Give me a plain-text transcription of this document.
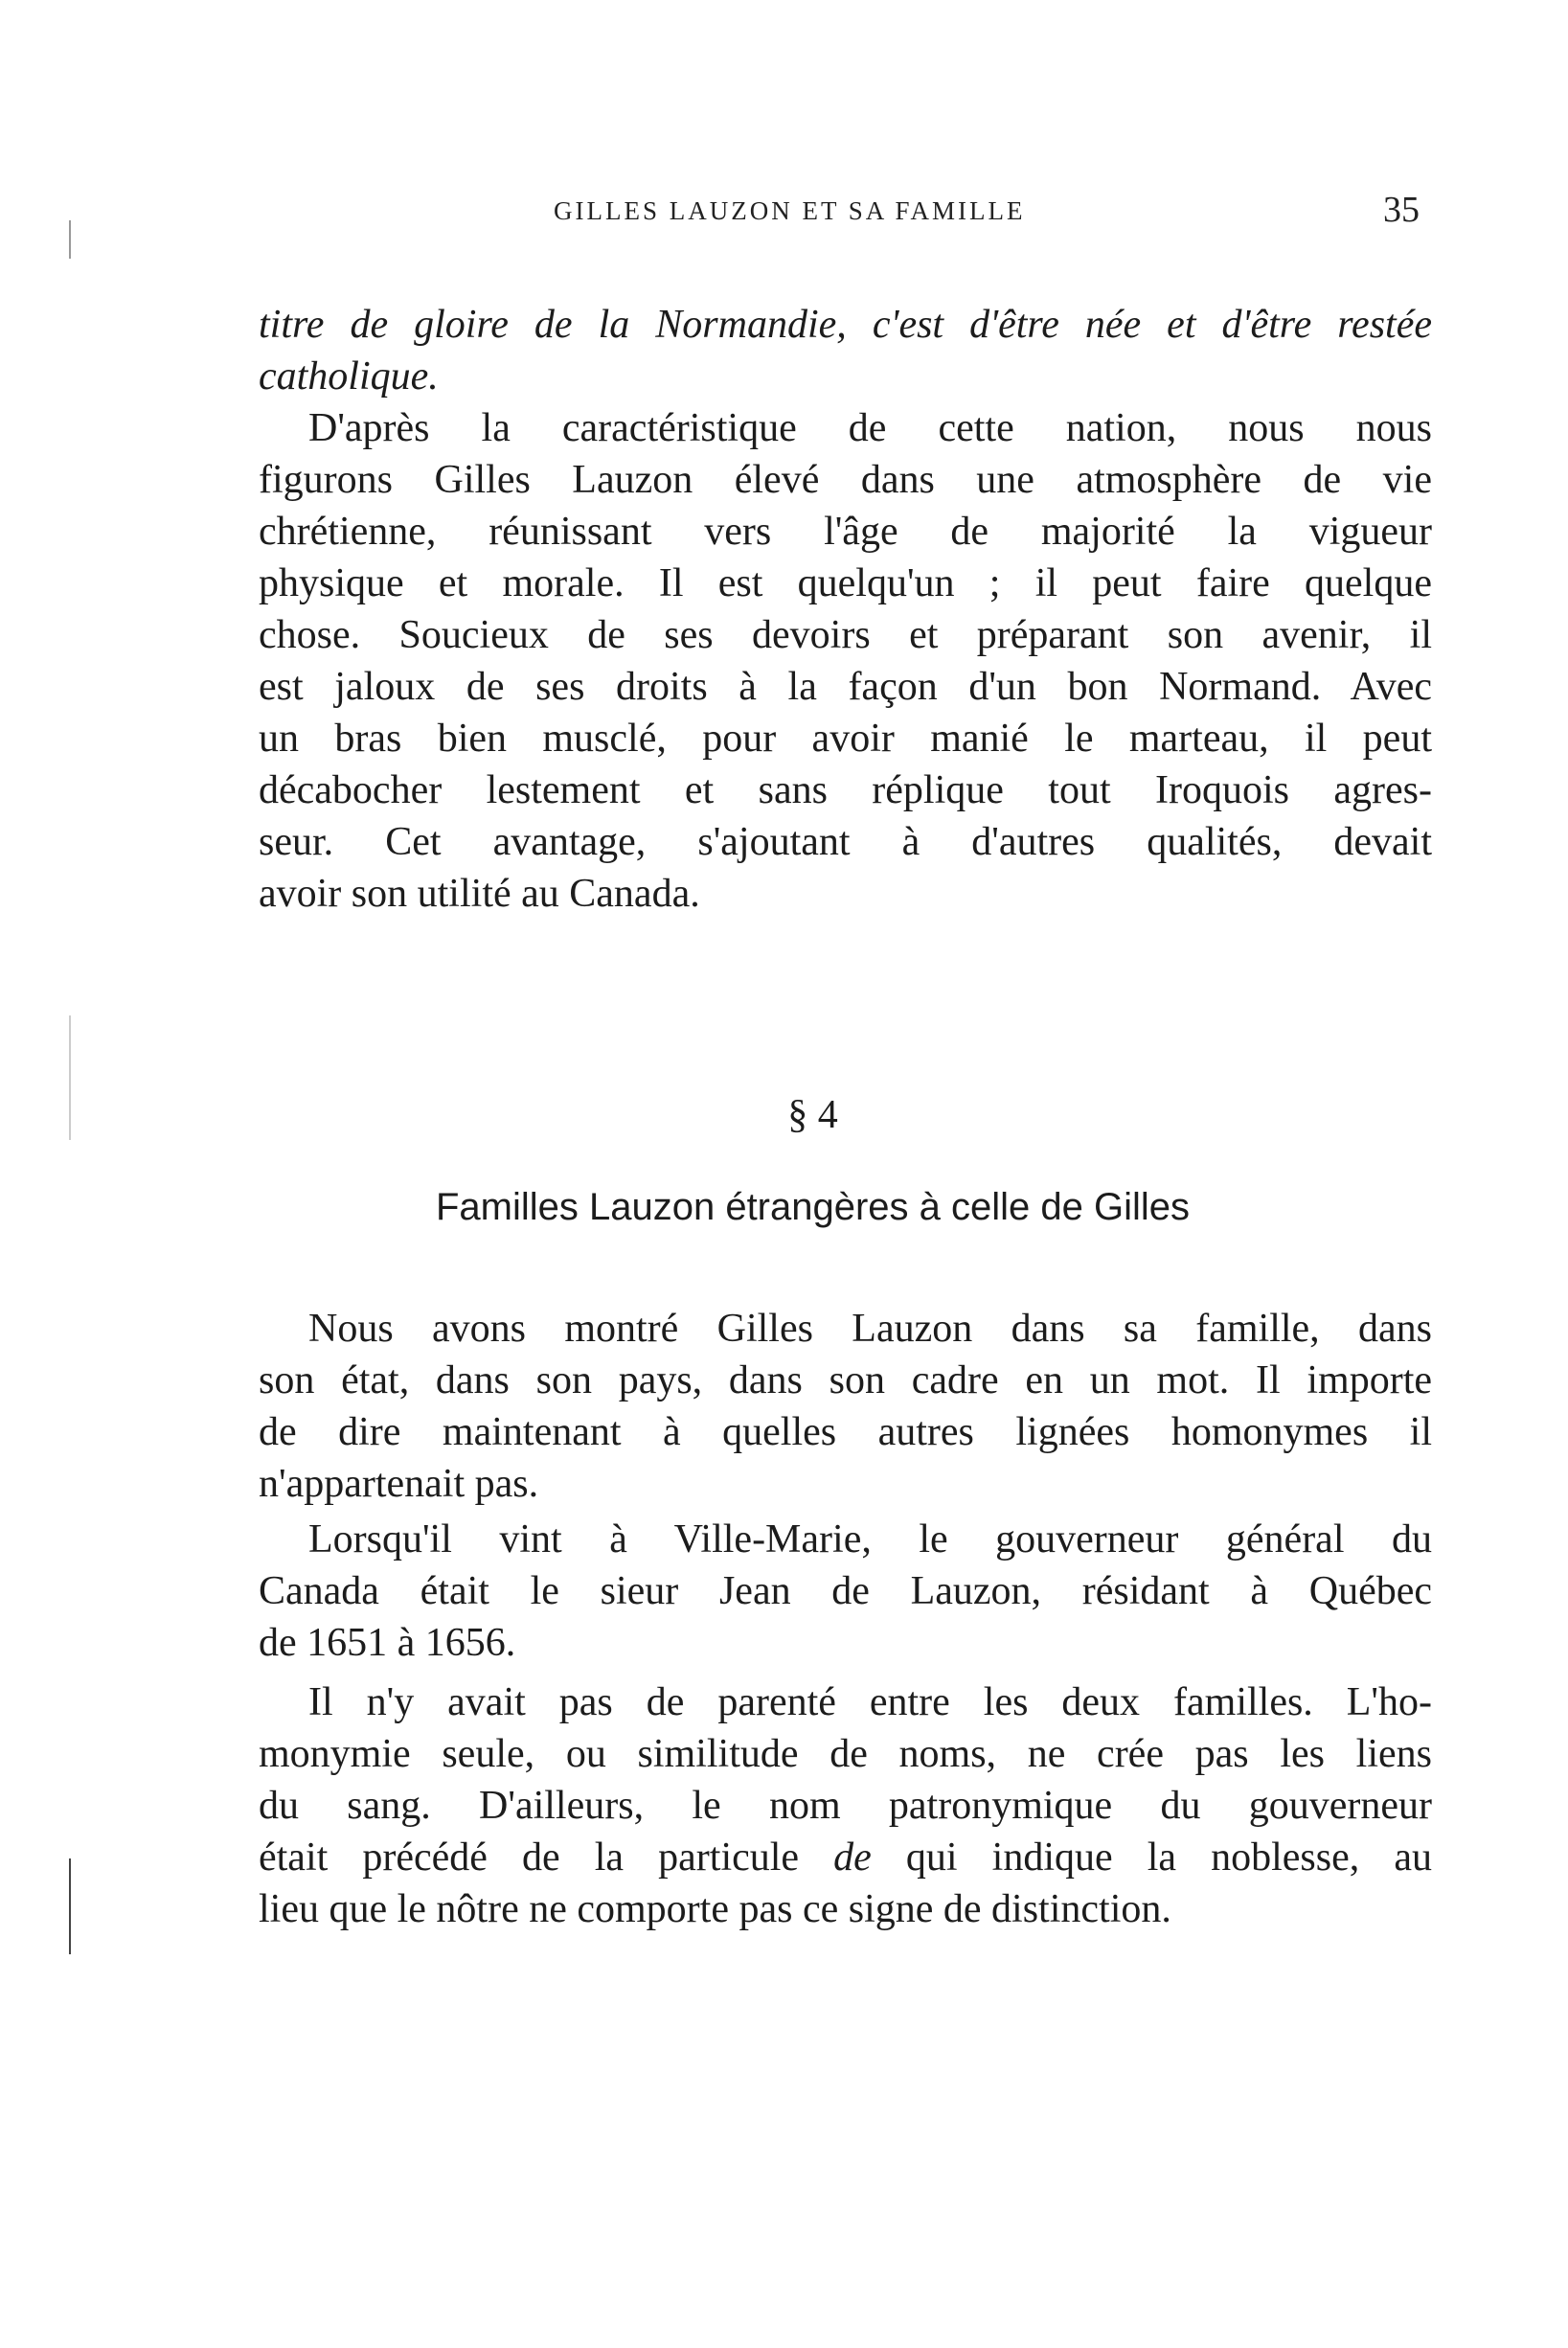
GILLES LAUZON ET SA FAMILLE	35
titre de gloire de la Normandie, c'est d'être née et d'être restée
catholique.
D'après la caractéristique de cette nation, nous nous
figurons Gilles Lauzon élevé dans une atmosphère de vie
chrétienne, réunissant vers l'âge de majorité la vigueur
physique et morale. Il est quelqu'un ; il peut faire quelque
chose. Soucieux de ses devoirs et préparant son avenir, il
est jaloux de ses droits à la façon d'un bon Normand. Avec
un bras bien musclé, pour avoir manié le marteau, il peut
décabocher lestement et sans réplique tout Iroquois agres-
seur. Cet avantage, s'ajoutant à d'autres qualités, devait
avoir son utilité au Canada.
§ 4
Familles Lauzon étrangères à celle de Gilles
Nous avons montré Gilles Lauzon dans sa famille, dans
son état, dans son pays, dans son cadre en un mot. Il importe
de dire maintenant à quelles autres lignées homonymes il
n'appartenait pas.
Lorsqu'il vint à Ville-Marie, le gouverneur général du
Canada était le sieur Jean de Lauzon, résidant à Québec
de 1651 à 1656.
Il n'y avait pas de parenté entre les deux familles. L'ho-
monymie seule, ou similitude de noms, ne crée pas les liens
du sang. D'ailleurs, le nom patronymique du gouverneur
était précédé de la particule de qui indique la noblesse, au
lieu que le nôtre ne comporte pas ce signe de distinction.
